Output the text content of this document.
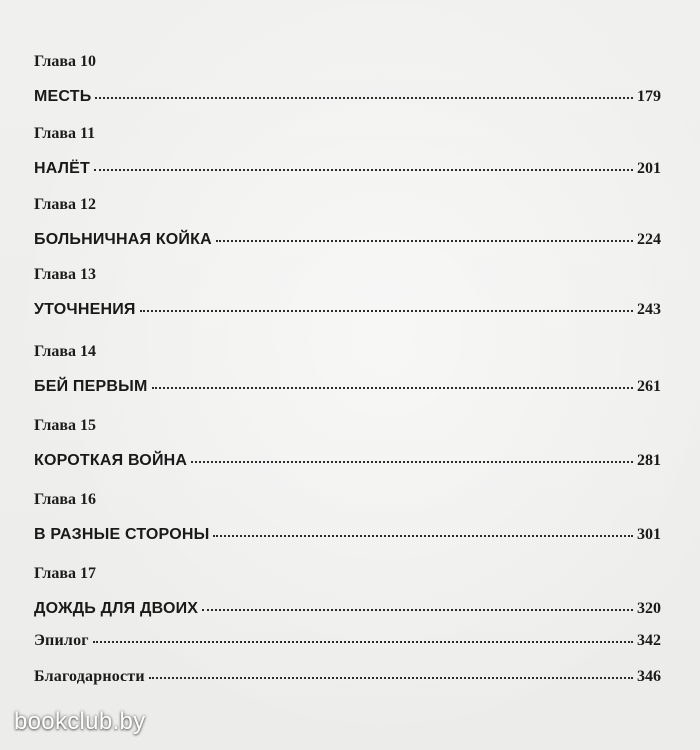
Глава 10
МЕСТЬ	179
Глава 11
НАЛЁТ	201
Глава 12
БОЛЬНИЧНАЯ КОЙКА	224
Глава 13
УТОЧНЕНИЯ	243
Глава 14
БЕЙ ПЕРВЫМ	261
Глава 15
КОРОТКАЯ ВОЙНА	281
Глава 16
В РАЗНЫЕ СТОРОНЫ	301
Глава 17
ДОЖДЬ ДЛЯ ДВОИХ	320
Эпилог	342
Благодарности	346
bookclub.by
